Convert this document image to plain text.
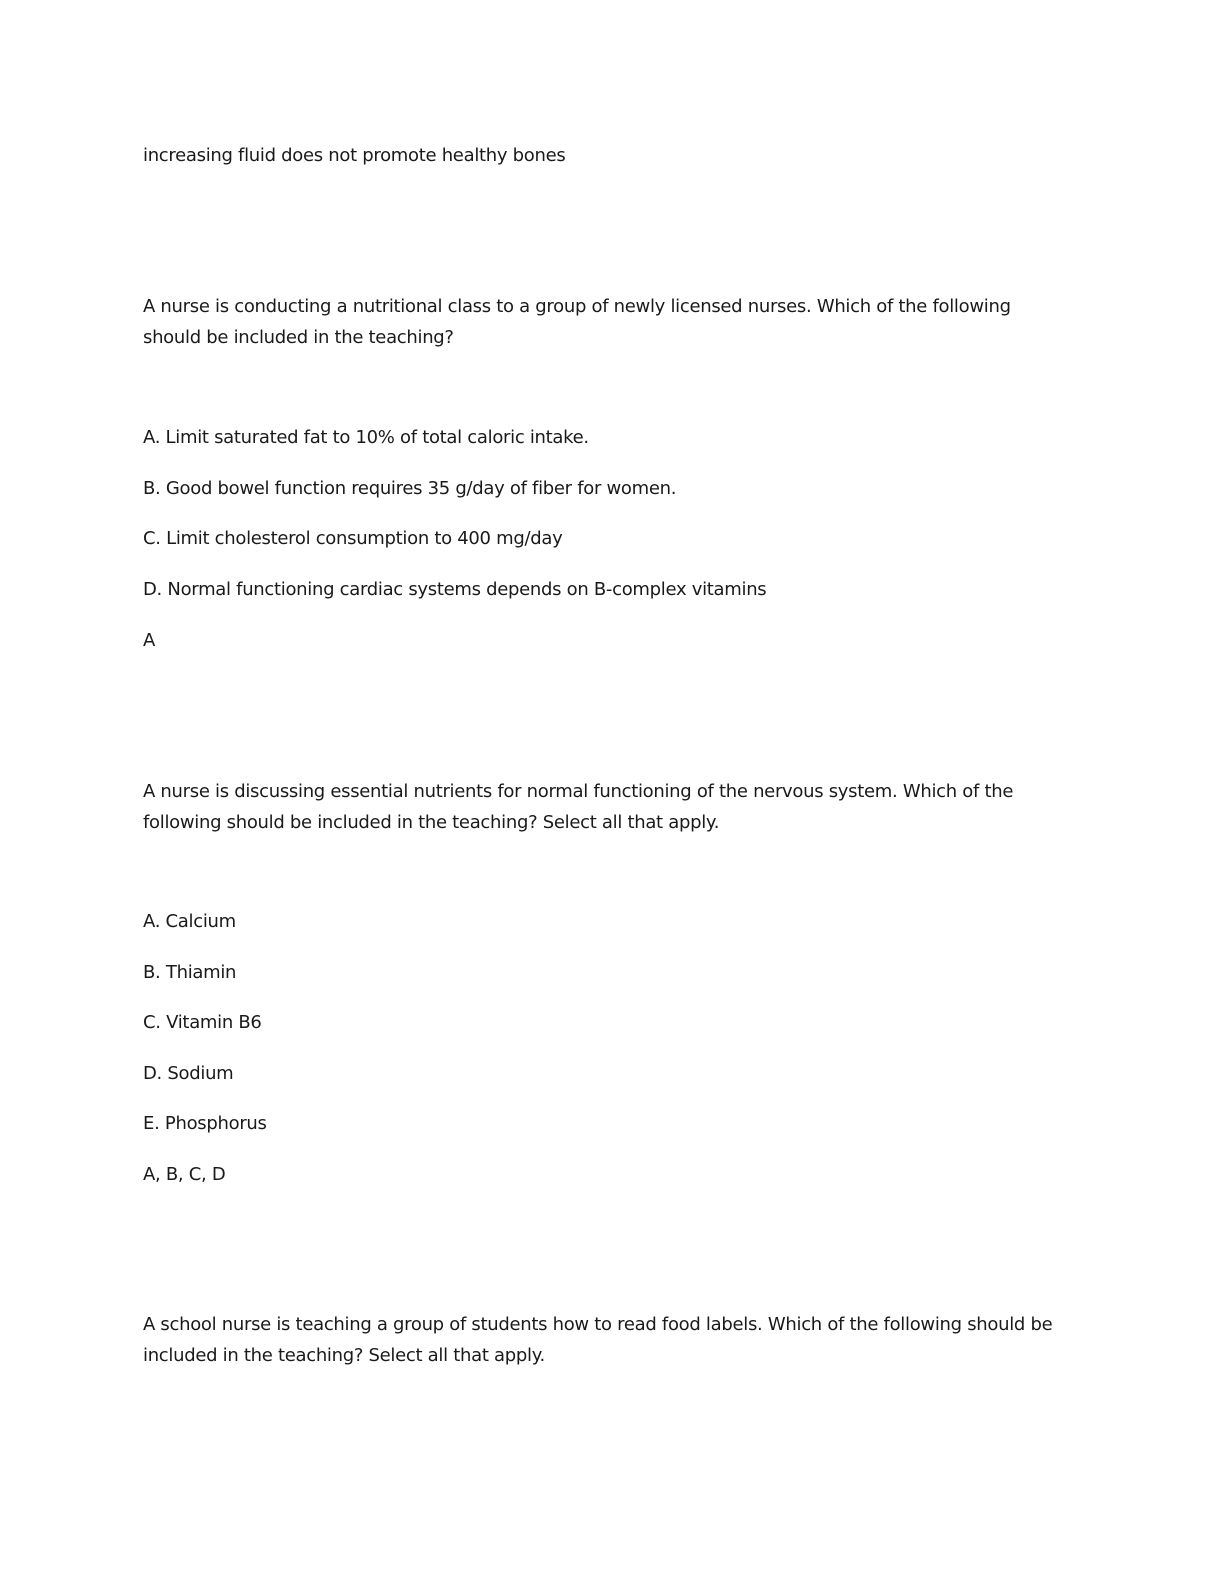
increasing fluid does not promote healthy bones
A nurse is conducting a nutritional class to a group of newly licensed nurses. Which of the following
should be included in the teaching?
A. Limit saturated fat to 10% of total caloric intake.
B. Good bowel function requires 35 g/day of fiber for women.
C. Limit cholesterol consumption to 400 mg/day
D. Normal functioning cardiac systems depends on B-complex vitamins
A
A nurse is discussing essential nutrients for normal functioning of the nervous system. Which of the
following should be included in the teaching? Select all that apply.
A. Calcium
B. Thiamin
C. Vitamin B6
D. Sodium
E. Phosphorus
A, B, C, D
A school nurse is teaching a group of students how to read food labels. Which of the following should be
included in the teaching? Select all that apply.
